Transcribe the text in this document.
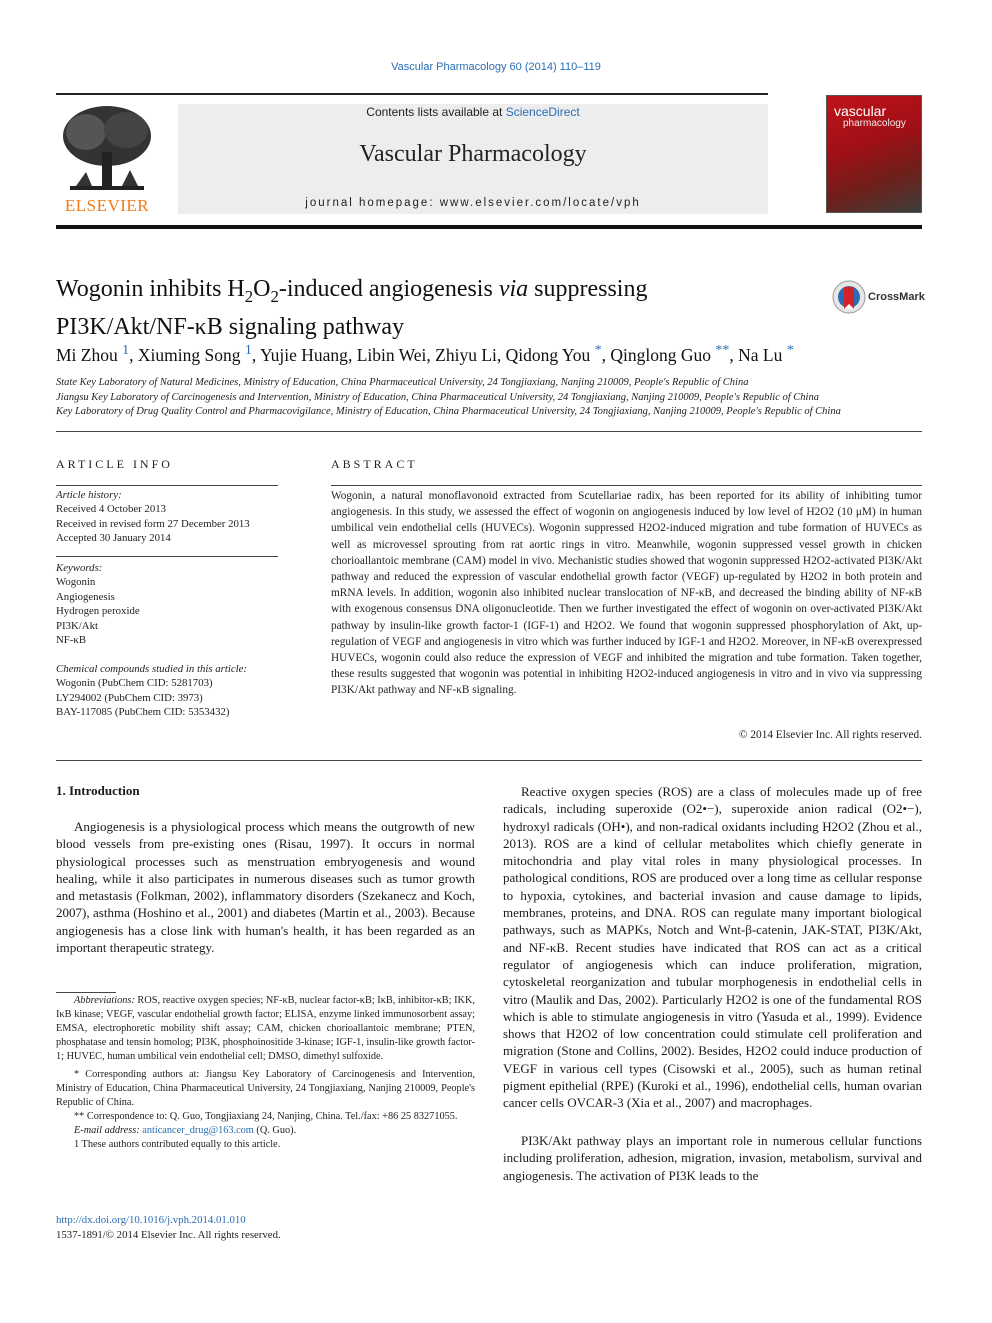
Vascular Pharmacology 60 (2014) 110–119
ELSEVIER
Contents lists available at ScienceDirect
Vascular Pharmacology
journal homepage: www.elsevier.com/locate/vph
vascular
pharmacology
Wogonin inhibits $H_2O_2$-induced angiogenesis via suppressing
PI3K/Akt/NF-κB signaling pathway
CrossMark
Mi Zhou $^1$, Xiuming Song $^1$, Yujie Huang, Libin Wei, Zhiyu Li, Qidong You *, Qinglong Guo **, Na Lu *
State Key Laboratory of Natural Medicines, Ministry of Education, China Pharmaceutical University, 24 Tongjiaxiang, Nanjing 210009, People's Republic of China
Jiangsu Key Laboratory of Carcinogenesis and Intervention, Ministry of Education, China Pharmaceutical University, 24 Tongjiaxiang, Nanjing 210009, People's Republic of China
Key Laboratory of Drug Quality Control and Pharmacovigilance, Ministry of Education, China Pharmaceutical University, 24 Tongjiaxiang, Nanjing 210009, People's Republic of China
ARTICLE INFO
Article history:
Received 4 October 2013
Received in revised form 27 December 2013
Accepted 30 January 2014
Keywords:
Wogonin
Angiogenesis
Hydrogen peroxide
PI3K/Akt
NF-κB
Chemical compounds studied in this article:
Wogonin (PubChem CID: 5281703)
LY294002 (PubChem CID: 3973)
BAY-117085 (PubChem CID: 5353432)
ABSTRACT
Wogonin, a natural monoflavonoid extracted from Scutellariae radix, has been reported for its ability of inhibiting tumor angiogenesis. In this study, we assessed the effect of wogonin on angiogenesis induced by low level of H2O2 (10 μM) in human umbilical vein endothelial cells (HUVECs). Wogonin suppressed H2O2-induced migration and tube formation of HUVECs as well as microvessel sprouting from rat aortic rings in vitro. Meanwhile, wogonin suppressed vessel growth in chicken chorioallantoic membrane (CAM) model in vivo. Mechanistic studies showed that wogonin suppressed H2O2-activated PI3K/Akt pathway and reduced the expression of vascular endothelial growth factor (VEGF) up-regulated by H2O2 in both protein and mRNA levels. In addition, wogonin also inhibited nuclear translocation of NF-κB, and decreased the binding ability of NF-κB with exogenous consensus DNA oligonucleotide. Then we further investigated the effect of wogonin on over-activated PI3K/Akt pathway by insulin-like growth factor-1 (IGF-1) and H2O2. We found that wogonin suppressed phosphorylation of Akt, up-regulation of VEGF and angiogenesis in vitro which was further induced by IGF-1 and H2O2. Moreover, in NF-κB overexpressed HUVECs, wogonin could also reduce the expression of VEGF and inhibited the migration and tube formation. Taken together, these results suggested that wogonin was potential in inhibiting H2O2-induced angiogenesis in vitro and in vivo via suppressing PI3K/Akt pathway and NF-κB signaling.
© 2014 Elsevier Inc. All rights reserved.
1. Introduction
Angiogenesis is a physiological process which means the outgrowth of new blood vessels from pre-existing ones (Risau, 1997). It occurs in normal physiological processes such as menstruation embryogenesis and wound healing, while it also participates in numerous diseases such as tumor growth and metastasis (Folkman, 2002), inflammatory disorders (Szekanecz and Koch, 2007), asthma (Hoshino et al., 2001) and diabetes (Martin et al., 2003). Because angiogenesis has a close link with human's health, it has been regarded as an important therapeutic strategy.
Abbreviations: ROS, reactive oxygen species; NF-κB, nuclear factor-κB; IκB, inhibitor-κB; IKK, IκB kinase; VEGF, vascular endothelial growth factor; ELISA, enzyme linked immunosorbent assay; EMSA, electrophoretic mobility shift assay; CAM, chicken chorioallantoic membrane; PTEN, phosphatase and tensin homolog; PI3K, phosphoinositide 3-kinase; IGF-1, insulin-like growth factor-1; HUVEC, human umbilical vein endothelial cell; DMSO, dimethyl sulfoxide.
* Corresponding authors at: Jiangsu Key Laboratory of Carcinogenesis and Intervention, Ministry of Education, China Pharmaceutical University, 24 Tongjiaxiang, Nanjing 210009, People's Republic of China.
** Correspondence to: Q. Guo, Tongjiaxiang 24, Nanjing, China. Tel./fax: +86 25 83271055.
E-mail address: anticancer_drug@163.com (Q. Guo).
1 These authors contributed equally to this article.
http://dx.doi.org/10.1016/j.vph.2014.01.010
1537-1891/© 2014 Elsevier Inc. All rights reserved.
Reactive oxygen species (ROS) are a class of molecules made up of free radicals, including superoxide (O2•−), superoxide anion radical (O2•−), hydroxyl radicals (OH•), and non-radical oxidants including H2O2 (Zhou et al., 2013). ROS are a kind of cellular metabolites which chiefly generate in mitochondria and play vital roles in many physiological processes. In pathological conditions, ROS are produced over a long time as cellular response to hypoxia, cytokines, and bacterial invasion and cause damage to lipids, membranes, proteins, and DNA. ROS can regulate many important biological pathways, such as MAPKs, Notch and Wnt-β-catenin, JAK-STAT, PI3K/Akt, and NF-κB. Recent studies have indicated that ROS can act as a critical regulator of angiogenesis which can induce proliferation, migration, cytoskeletal reorganization and tubular morphogenesis in endothelial cells in vitro (Maulik and Das, 2002). Particularly H2O2 is one of the fundamental ROS which is able to stimulate angiogenesis in vitro (Yasuda et al., 1999). Evidence shows that H2O2 of low concentration could stimulate cell proliferation and migration (Stone and Collins, 2002). Besides, H2O2 could induce production of VEGF in various cell types (Cisowski et al., 2005), such as human retinal pigment epithelial (RPE) (Kuroki et al., 1996), endothelial cells, human ovarian cancer cells OVCAR-3 (Xia et al., 2007) and macrophages.
PI3K/Akt pathway plays an important role in numerous cellular functions including proliferation, adhesion, migration, invasion, metabolism, survival and angiogenesis. The activation of PI3K leads to the
